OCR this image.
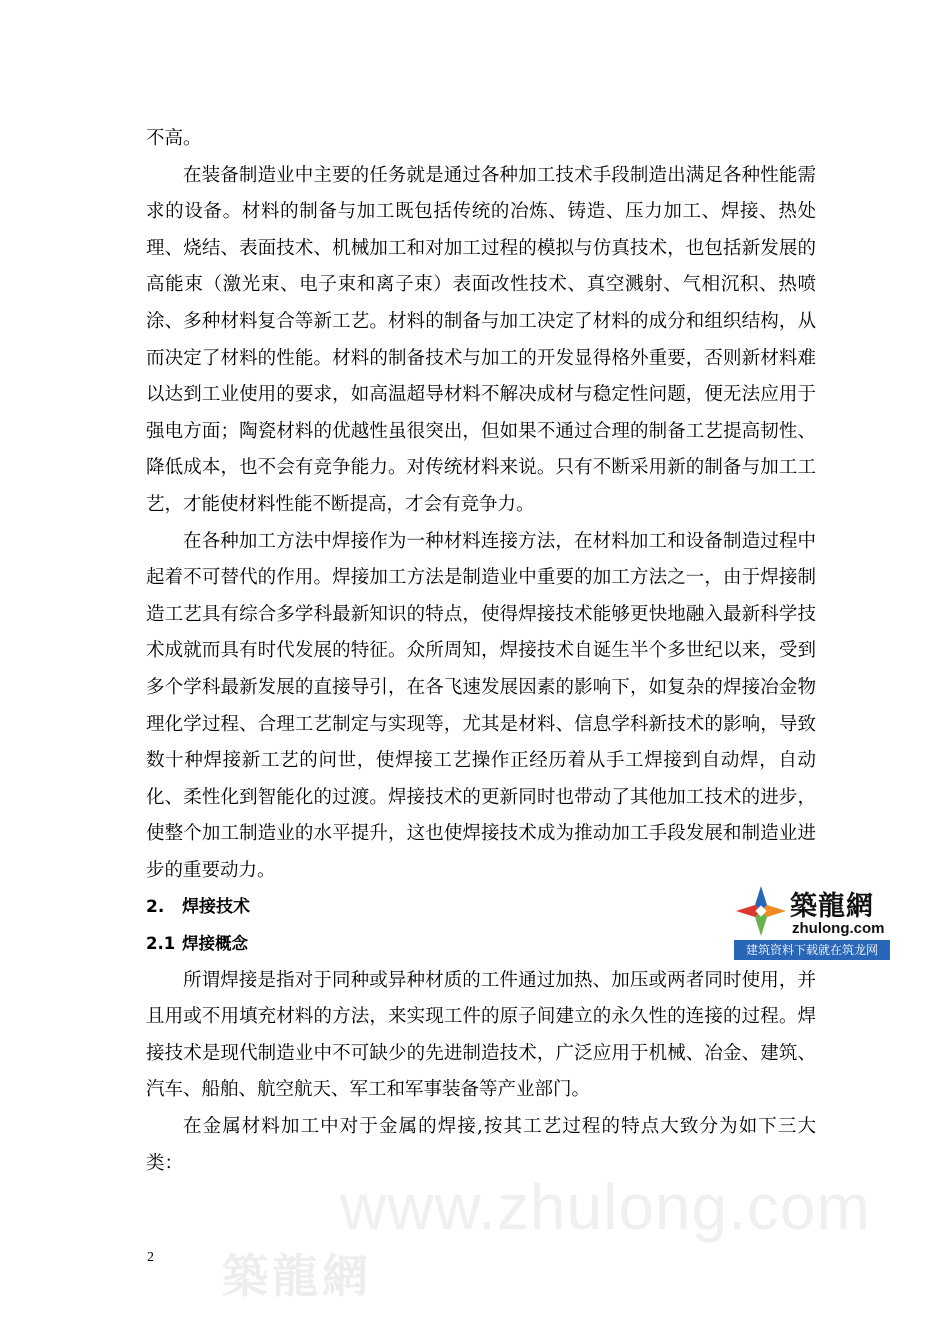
不高。

在装备制造业中主要的任务就是通过各种加工技术手段制造出满足各种性能需求的设备。材料的制备与加工既包括传统的冶炼、铸造、压力加工、焊接、热处理、烧结、表面技术、机械加工和对加工过程的模拟与仿真技术，也包括新发展的高能束（激光束、电子束和离子束）表面改性技术、真空溅射、气相沉积、热喷涂、多种材料复合等新工艺。材料的制备与加工决定了材料的成分和组织结构，从而决定了材料的性能。材料的制备技术与加工的开发显得格外重要，否则新材料难以达到工业使用的要求，如高温超导材料不解决成材与稳定性问题，便无法应用于强电方面；陶瓷材料的优越性虽很突出，但如果不通过合理的制备工艺提高韧性、降低成本，也不会有竞争能力。对传统材料来说。只有不断采用新的制备与加工工艺，才能使材料性能不断提高，才会有竞争力。

在各种加工方法中焊接作为一种材料连接方法，在材料加工和设备制造过程中起着不可替代的作用。焊接加工方法是制造业中重要的加工方法之一，由于焊接制造工艺具有综合多学科最新知识的特点，使得焊接技术能够更快地融入最新科学技术成就而具有时代发展的特征。众所周知，焊接技术自诞生半个多世纪以来，受到多个学科最新发展的直接导引，在各飞速发展因素的影响下，如复杂的焊接冶金物理化学过程、合理工艺制定与实现等，尤其是材料、信息学科新技术的影响，导致数十种焊接新工艺的问世，使焊接工艺操作正经历着从手工焊接到自动焊，自动化、柔性化到智能化的过渡。焊接技术的更新同时也带动了其他加工技术的进步，使整个加工制造业的水平提升，这也使焊接技术成为推动加工手段发展和制造业进步的重要动力。

2. 焊接技术
2.1 焊接概念

所谓焊接是指对于同种或异种材质的工件通过加热、加压或两者同时使用，并且用或不用填充材料的方法，来实现工件的原子间建立的永久性的连接的过程。焊接技术是现代制造业中不可缺少的先进制造技术，广泛应用于机械、冶金、建筑、汽车、船舶、航空航天、军工和军事装备等产业部门。

在金属材料加工中对于金属的焊接,按其工艺过程的特点大致分为如下三大类：

築龍網
zhulong.com
建筑资料下载就在筑龙网
www.zhulong.com
築龍網
2
